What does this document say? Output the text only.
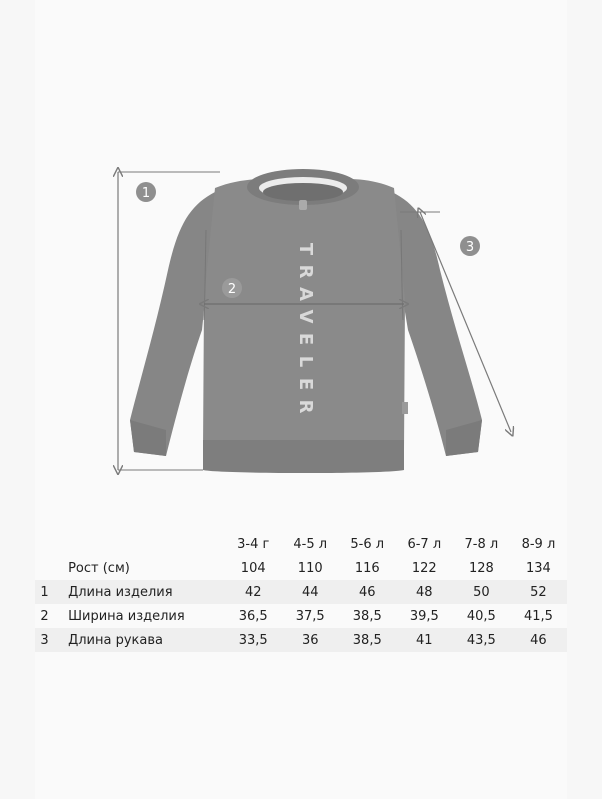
T
R
A
V
E
L
E
R
1
2
3
		3-4 г	4-5 л	5-6 л	6-7 л	7-8 л	8-9 л
	Рост (см)	104	110	116	122	128	134
1	Длина изделия	42	44	46	48	50	52
2	Ширина изделия	36,5	37,5	38,5	39,5	40,5	41,5
3	Длина рукава	33,5	36	38,5	41	43,5	46
